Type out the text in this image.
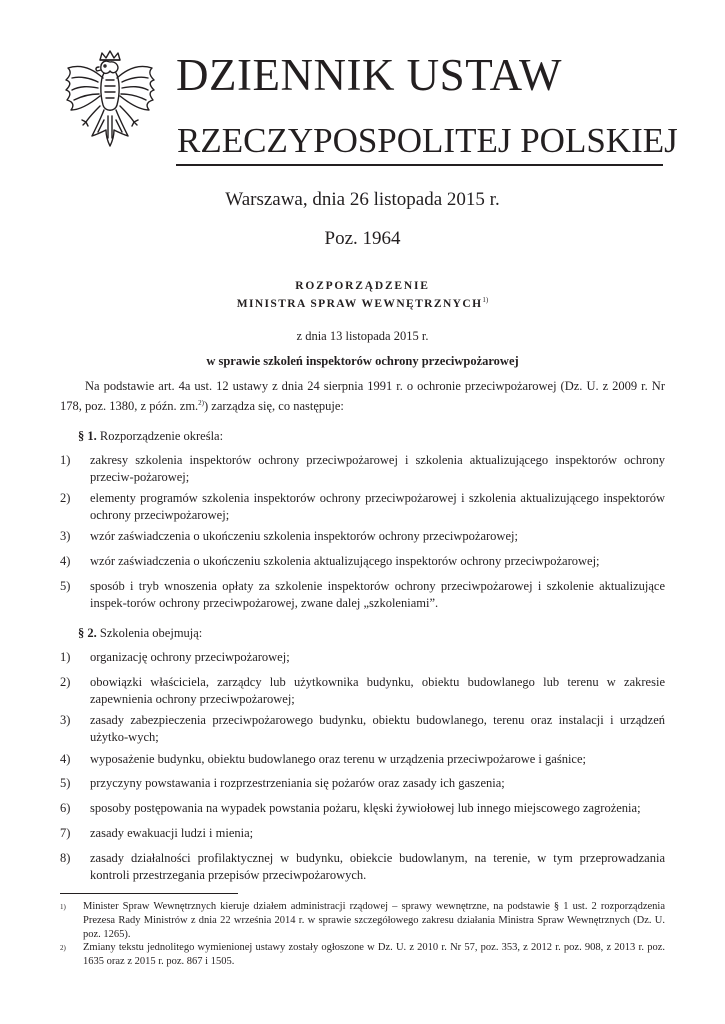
DZIENNIK USTAW
RZECZYPOSPOLITEJ POLSKIEJ
Warszawa, dnia 26 listopada 2015 r.
Poz. 1964
ROZPORZĄDZENIE
MINISTRA SPRAW WEWNĘTRZNYCH$^{1)}$
z dnia 13 listopada 2015 r.
w sprawie szkoleń inspektorów ochrony przeciwpożarowej
Na podstawie art. 4a ust. 12 ustawy z dnia 24 sierpnia 1991 r. o ochronie przeciwpożarowej (Dz. U. z 2009 r. Nr 178, poz. 1380, z późn. zm.$^{2)}$) zarządza się, co następuje:
§ 1. Rozporządzenie określa:
1) zakresy szkolenia inspektorów ochrony przeciwpożarowej i szkolenia aktualizującego inspektorów ochrony przeciw-pożarowej;
2) elementy programów szkolenia inspektorów ochrony przeciwpożarowej i szkolenia aktualizującego inspektorów ochrony przeciwpożarowej;
3) wzór zaświadczenia o ukończeniu szkolenia inspektorów ochrony przeciwpożarowej;
4) wzór zaświadczenia o ukończeniu szkolenia aktualizującego inspektorów ochrony przeciwpożarowej;
5) sposób i tryb wnoszenia opłaty za szkolenie inspektorów ochrony przeciwpożarowej i szkolenie aktualizujące inspek-torów ochrony przeciwpożarowej, zwane dalej „szkoleniami”.
§ 2. Szkolenia obejmują:
1) organizację ochrony przeciwpożarowej;
2) obowiązki właściciela, zarządcy lub użytkownika budynku, obiektu budowlanego lub terenu w zakresie zapewnienia ochrony przeciwpożarowej;
3) zasady zabezpieczenia przeciwpożarowego budynku, obiektu budowlanego, terenu oraz instalacji i urządzeń użytko-wych;
4) wyposażenie budynku, obiektu budowlanego oraz terenu w urządzenia przeciwpożarowe i gaśnice;
5) przyczyny powstawania i rozprzestrzeniania się pożarów oraz zasady ich gaszenia;
6) sposoby postępowania na wypadek powstania pożaru, klęski żywiołowej lub innego miejscowego zagrożenia;
7) zasady ewakuacji ludzi i mienia;
8) zasady działalności profilaktycznej w budynku, obiekcie budowlanym, na terenie, w tym przeprowadzania kontroli przestrzegania przepisów przeciwpożarowych.
1) Minister Spraw Wewnętrznych kieruje działem administracji rządowej – sprawy wewnętrzne, na podstawie § 1 ust. 2 rozporządzenia Prezesa Rady Ministrów z dnia 22 września 2014 r. w sprawie szczegółowego zakresu działania Ministra Spraw Wewnętrznych (Dz. U. poz. 1265).
2) Zmiany tekstu jednolitego wymienionej ustawy zostały ogłoszone w Dz. U. z 2010 r. Nr 57, poz. 353, z 2012 r. poz. 908, z 2013 r. poz. 1635 oraz z 2015 r. poz. 867 i 1505.
